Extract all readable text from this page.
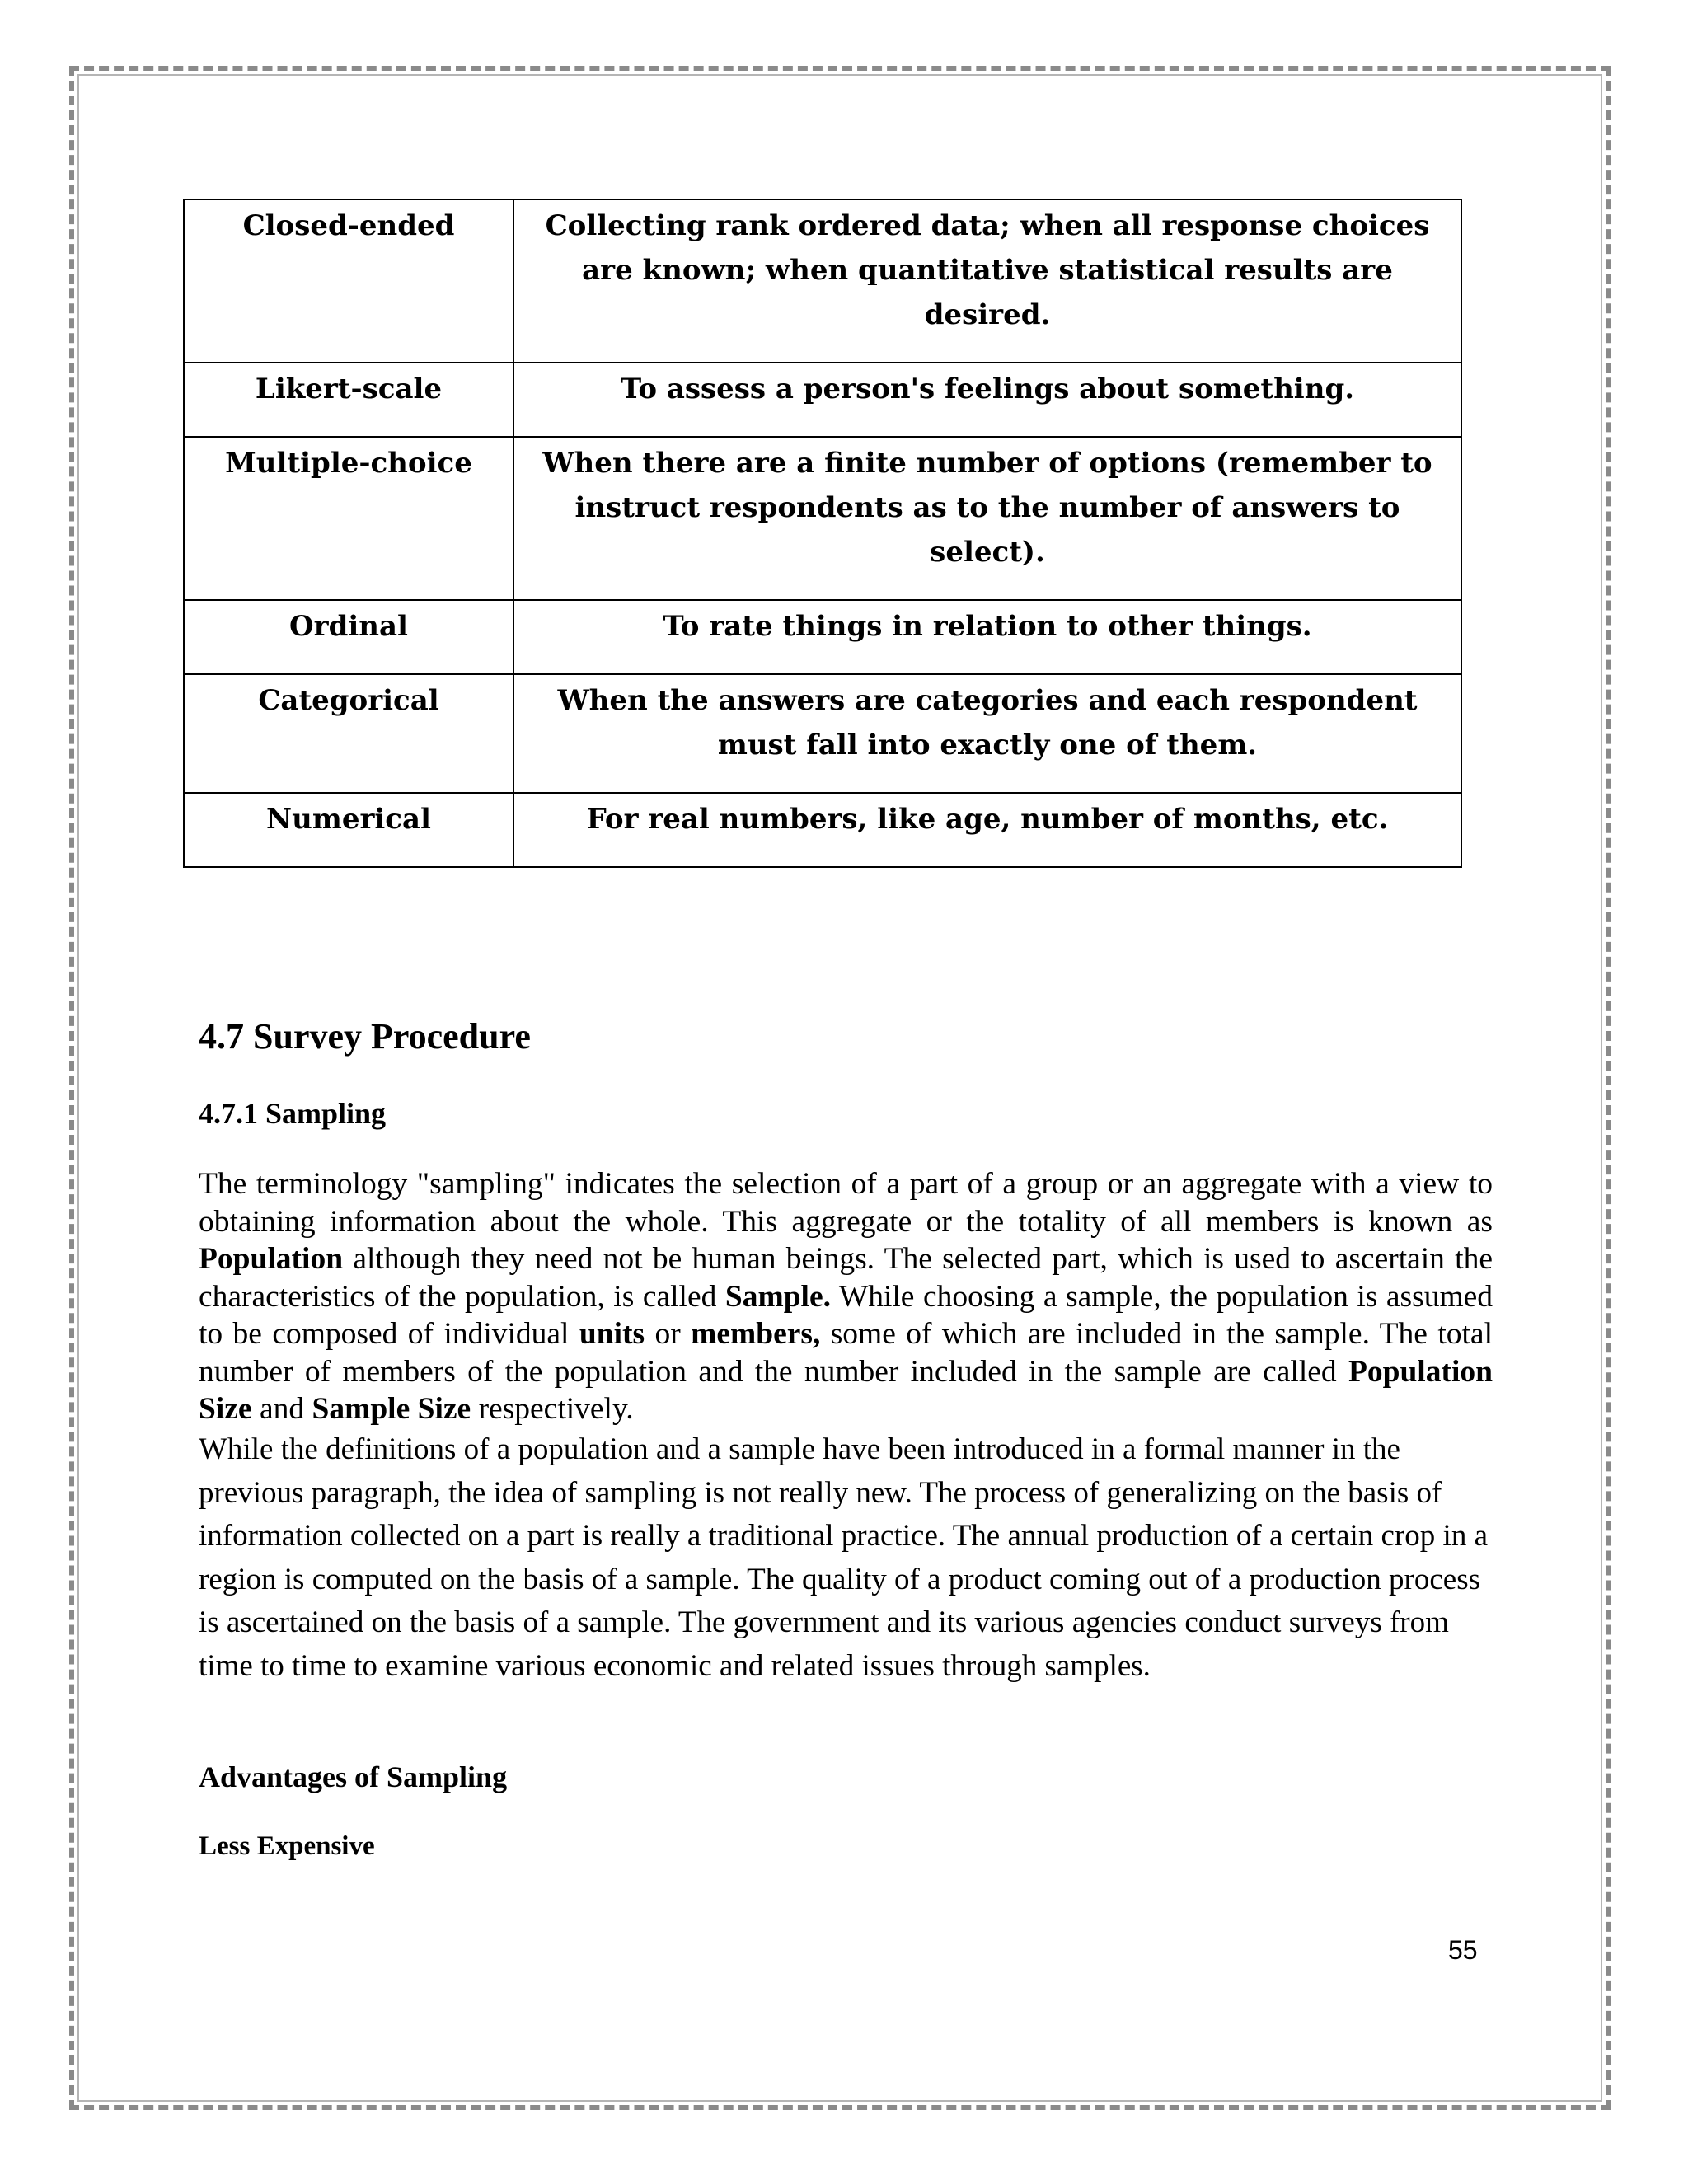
Closed-ended	Collecting rank ordered data; when all response choices are known; when quantitative statistical results are desired.
Likert-scale	To assess a person's feelings about something.
Multiple-choice	When there are a finite number of options (remember to instruct respondents as to the number of answers to select).
Ordinal	To rate things in relation to other things.
Categorical	When the answers are categories and each respondent must fall into exactly one of them.
Numerical	For real numbers, like age, number of months, etc.
4.7 Survey Procedure
4.7.1 Sampling

The terminology "sampling" indicates the selection of a part of a group or an aggregate with a view to obtaining information about the whole. This aggregate or the totality of all members is known as Population although they need not be human beings. The selected part, which is used to ascertain the characteristics of the population, is called Sample. While choosing a sample, the population is assumed to be composed of individual units or members, some of which are included in the sample. The total number of members of the population and the number included in the sample are called Population Size and Sample Size respectively.

While the definitions of a population and a sample have been introduced in a formal manner in the previous paragraph, the idea of sampling is not really new. The process of generalizing on the basis of information collected on a part is really a traditional practice. The annual production of a certain crop in a region is computed on the basis of a sample. The quality of a product coming out of a production process is ascertained on the basis of a sample. The government and its various agencies conduct surveys from time to time to examine various economic and related issues through samples.

Advantages of Sampling
Less Expensive
55
